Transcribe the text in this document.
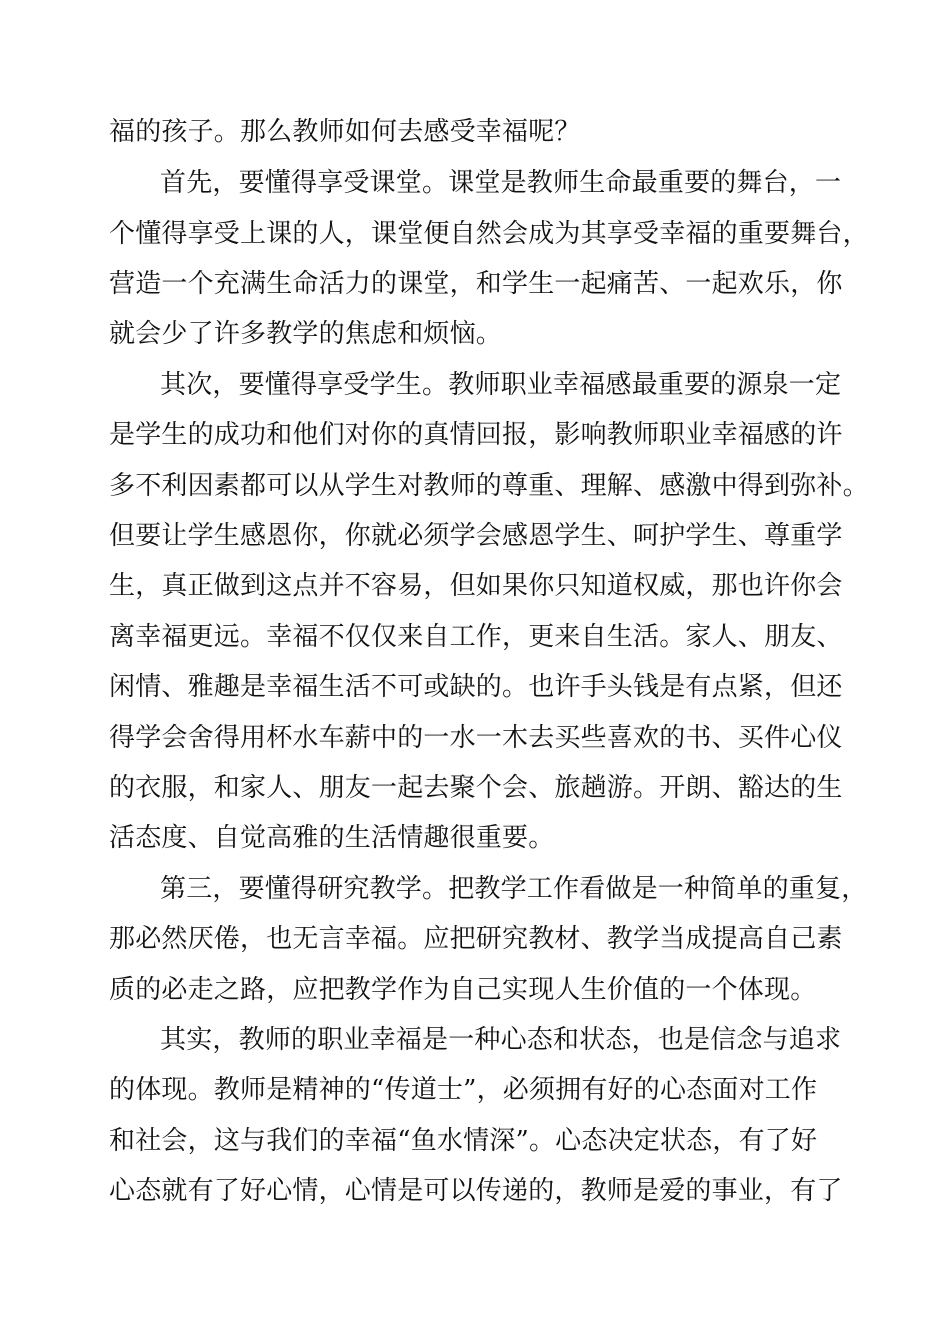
福的孩子。那么教师如何去感受幸福呢？
首先，要懂得享受课堂。课堂是教师生命最重要的舞台，一
个懂得享受上课的人，课堂便自然会成为其享受幸福的重要舞台，
营造一个充满生命活力的课堂，和学生一起痛苦、一起欢乐，你
就会少了许多教学的焦虑和烦恼。
其次，要懂得享受学生。教师职业幸福感最重要的源泉一定
是学生的成功和他们对你的真情回报，影响教师职业幸福感的许
多不利因素都可以从学生对教师的尊重、理解、感激中得到弥补。
但要让学生感恩你，你就必须学会感恩学生、呵护学生、尊重学
生，真正做到这点并不容易，但如果你只知道权威，那也许你会
离幸福更远。幸福不仅仅来自工作，更来自生活。家人、朋友、
闲情、雅趣是幸福生活不可或缺的。也许手头钱是有点紧，但还
得学会舍得用杯水车薪中的一水一木去买些喜欢的书、买件心仪
的衣服，和家人、朋友一起去聚个会、旅趟游。开朗、豁达的生
活态度、自觉高雅的生活情趣很重要。
第三，要懂得研究教学。把教学工作看做是一种简单的重复，
那必然厌倦，也无言幸福。应把研究教材、教学当成提高自己素
质的必走之路，应把教学作为自己实现人生价值的一个体现。
其实，教师的职业幸福是一种心态和状态，也是信念与追求
的体现。教师是精神的“传道士”，必须拥有好的心态面对工作
和社会，这与我们的幸福“鱼水情深”。心态决定状态，有了好
心态就有了好心情，心情是可以传递的，教师是爱的事业，有了
